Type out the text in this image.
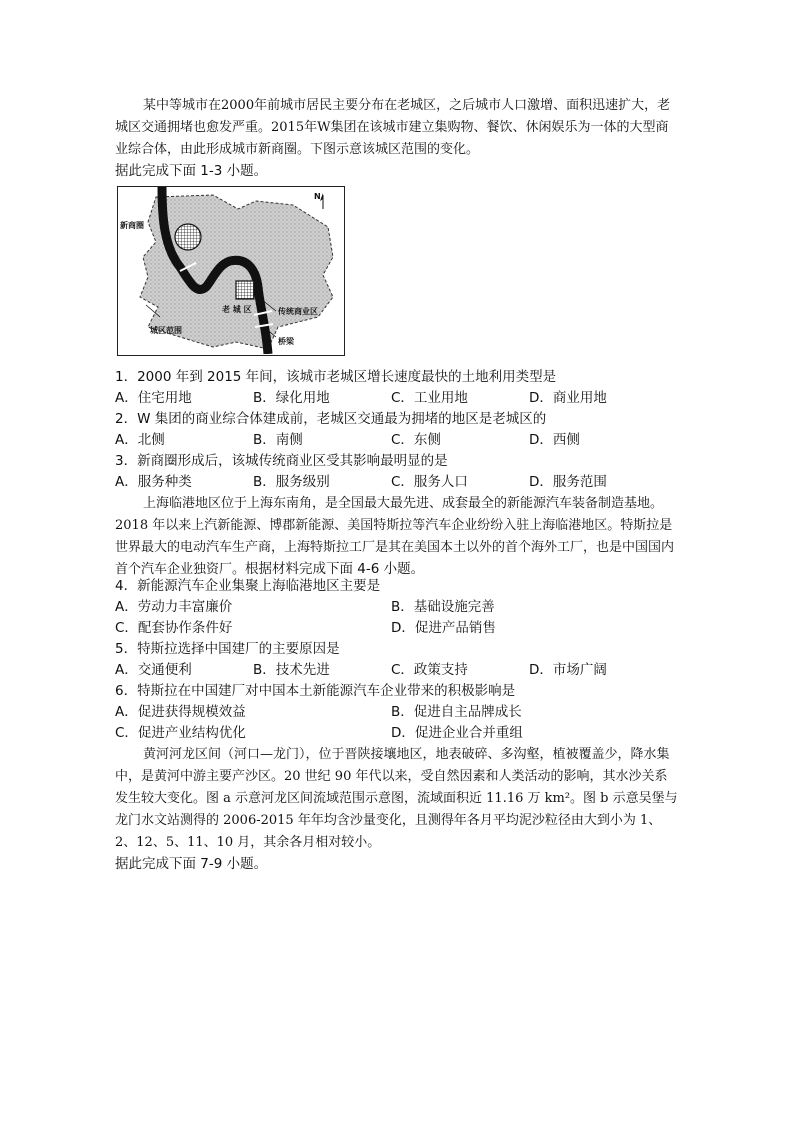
某中等城市在2000年前城市居民主要分布在老城区，之后城市人口激增、面积迅速扩大，老城区交通拥堵也愈发严重。2015年W集团在该城市建立集购物、餐饮、休闲娱乐为一体的大型商业综合体，由此形成城市新商圈。下图示意该城区范围的变化。

据此完成下面 1-3 小题。

N
新商圈
老 城 区	传统商业区
城区范围
桥梁
1．2000 年到 2015 年间，该城市老城区增长速度最快的土地利用类型是
A．住宅用地	B．绿化用地	C．工业用地	D．商业用地
2．W 集团的商业综合体建成前，老城区交通最为拥堵的地区是老城区的
A．北侧	B．南侧	C．东侧	D．西侧
3．新商圈形成后，该城传统商业区受其影响最明显的是
A．服务种类	B．服务级别	C．服务人口	D．服务范围

上海临港地区位于上海东南角，是全国最大最先进、成套最全的新能源汽车装备制造基地。2018 年以来上汽新能源、博郡新能源、美国特斯拉等汽车企业纷纷入驻上海临港地区。特斯拉是世界最大的电动汽车生产商，上海特斯拉工厂是其在美国本土以外的首个海外工厂，也是中国国内首个汽车企业独资厂。根据材料完成下面 4-6 小题。

4．新能源汽车企业集聚上海临港地区主要是
A．劳动力丰富廉价	B．基础设施完善
C．配套协作条件好	D．促进产品销售
5．特斯拉选择中国建厂的主要原因是
A．交通便利	B．技术先进	C．政策支持	D．市场广阔
6．特斯拉在中国建厂对中国本土新能源汽车企业带来的积极影响是
A．促进获得规模效益	B．促进自主品牌成长
C．促进产业结构优化	D．促进企业合并重组

黄河河龙区间（河口—龙门），位于晋陕接壤地区，地表破碎、多沟壑，植被覆盖少，降水集中，是黄河中游主要产沙区。20 世纪 90 年代以来，受自然因素和人类活动的影响，其水沙关系发生较大变化。图 a 示意河龙区间流域范围示意图，流域面积近 11.16 万 km²。图 b 示意吴堡与龙门水文站测得的 2006-2015 年年均含沙量变化，且测得年各月平均泥沙粒径由大到小为 1、2、12、5、11、10 月，其余各月相对较小。

据此完成下面 7-9 小题。
